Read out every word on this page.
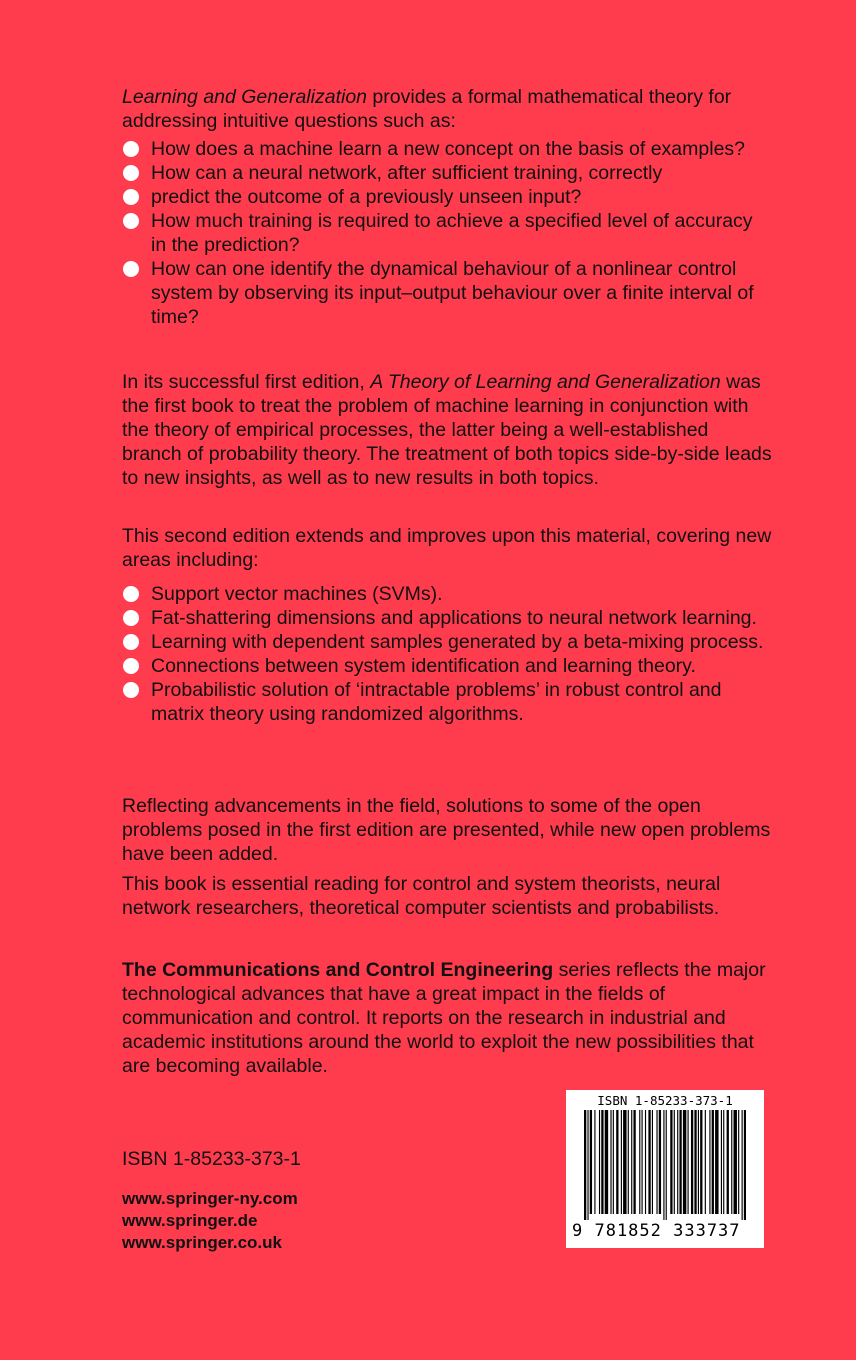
Learning and Generalization provides a formal mathematical theory for addressing intuitive questions such as:

How does a machine learn a new concept on the basis of examples?
How can a neural network, after sufficient training, correctly
predict the outcome of a previously unseen input?
How much training is required to achieve a specified level of accuracy in the prediction?
How can one identify the dynamical behaviour of a nonlinear control system by observing its input–output behaviour over a finite interval of time?

In its successful first edition, A Theory of Learning and Generalization was the first book to treat the problem of machine learning in conjunction with the theory of empirical processes, the latter being a well-established branch of probability theory. The treatment of both topics side-by-side leads to new insights, as well as to new results in both topics.

This second edition extends and improves upon this material, covering new areas including:

Support vector machines (SVMs).
Fat-shattering dimensions and applications to neural network learning.
Learning with dependent samples generated by a beta-mixing process.
Connections between system identification and learning theory.
Probabilistic solution of ‘intractable problems’ in robust control and matrix theory using randomized algorithms.

Reflecting advancements in the field, solutions to some of the open problems posed in the first edition are presented, while new open problems have been added.

This book is essential reading for control and system theorists, neural network researchers, theoretical computer scientists and probabilists.

The Communications and Control Engineering series reflects the major technological advances that have a great impact in the fields of communication and control. It reports on the research in industrial and academic institutions around the world to exploit the new possibilities that are becoming available.

ISBN 1-85233-373-1
www.springer-ny.com
www.springer.de
www.springer.co.uk
ISBN 1-85233-373-1
9 781852 333737
